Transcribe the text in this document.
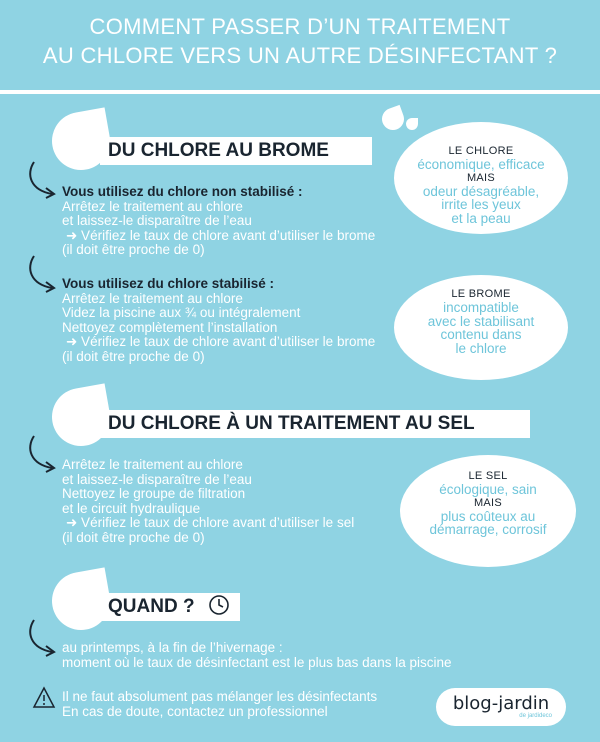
COMMENT PASSER D’UN TRAITEMENT
AU CHLORE VERS UN AUTRE DÉSINFECTANT ?
DU CHLORE AU BROME
Vous utilisez du chlore non stabilisé :
Arrêtez le traitement au chlore
et laissez-le disparaître de l’eau
➜ Vérifiez le taux de chlore avant d’utiliser le brome
(il doit être proche de 0)
Vous utilisez du chlore stabilisé :
Arrêtez le traitement au chlore
Videz la piscine aux ¾ ou intégralement
Nettoyez complètement l’installation
➜ Vérifiez le taux de chlore avant d’utiliser le brome
(il doit être proche de 0)
LE CHLORE
économique, efficace
MAIS
odeur désagréable,
irrite les yeux
et la peau
LE BROME
incompatible
avec le stabilisant
contenu dans
le chlore
DU CHLORE À UN TRAITEMENT AU SEL
Arrêtez le traitement au chlore
et laissez-le disparaître de l’eau
Nettoyez le groupe de filtration
et le circuit hydraulique
➜ Vérifiez le taux de chlore avant d’utiliser le sel
(il doit être proche de 0)
LE SEL
écologique, sain
MAIS
plus coûteux au
démarrage, corrosif
QUAND ?
au printemps, à la fin de l’hivernage :
moment où le taux de désinfectant est le plus bas dans la piscine
Il ne faut absolument pas mélanger les désinfectants
En cas de doute, contactez un professionnel	blog-jardin
de jardideco
